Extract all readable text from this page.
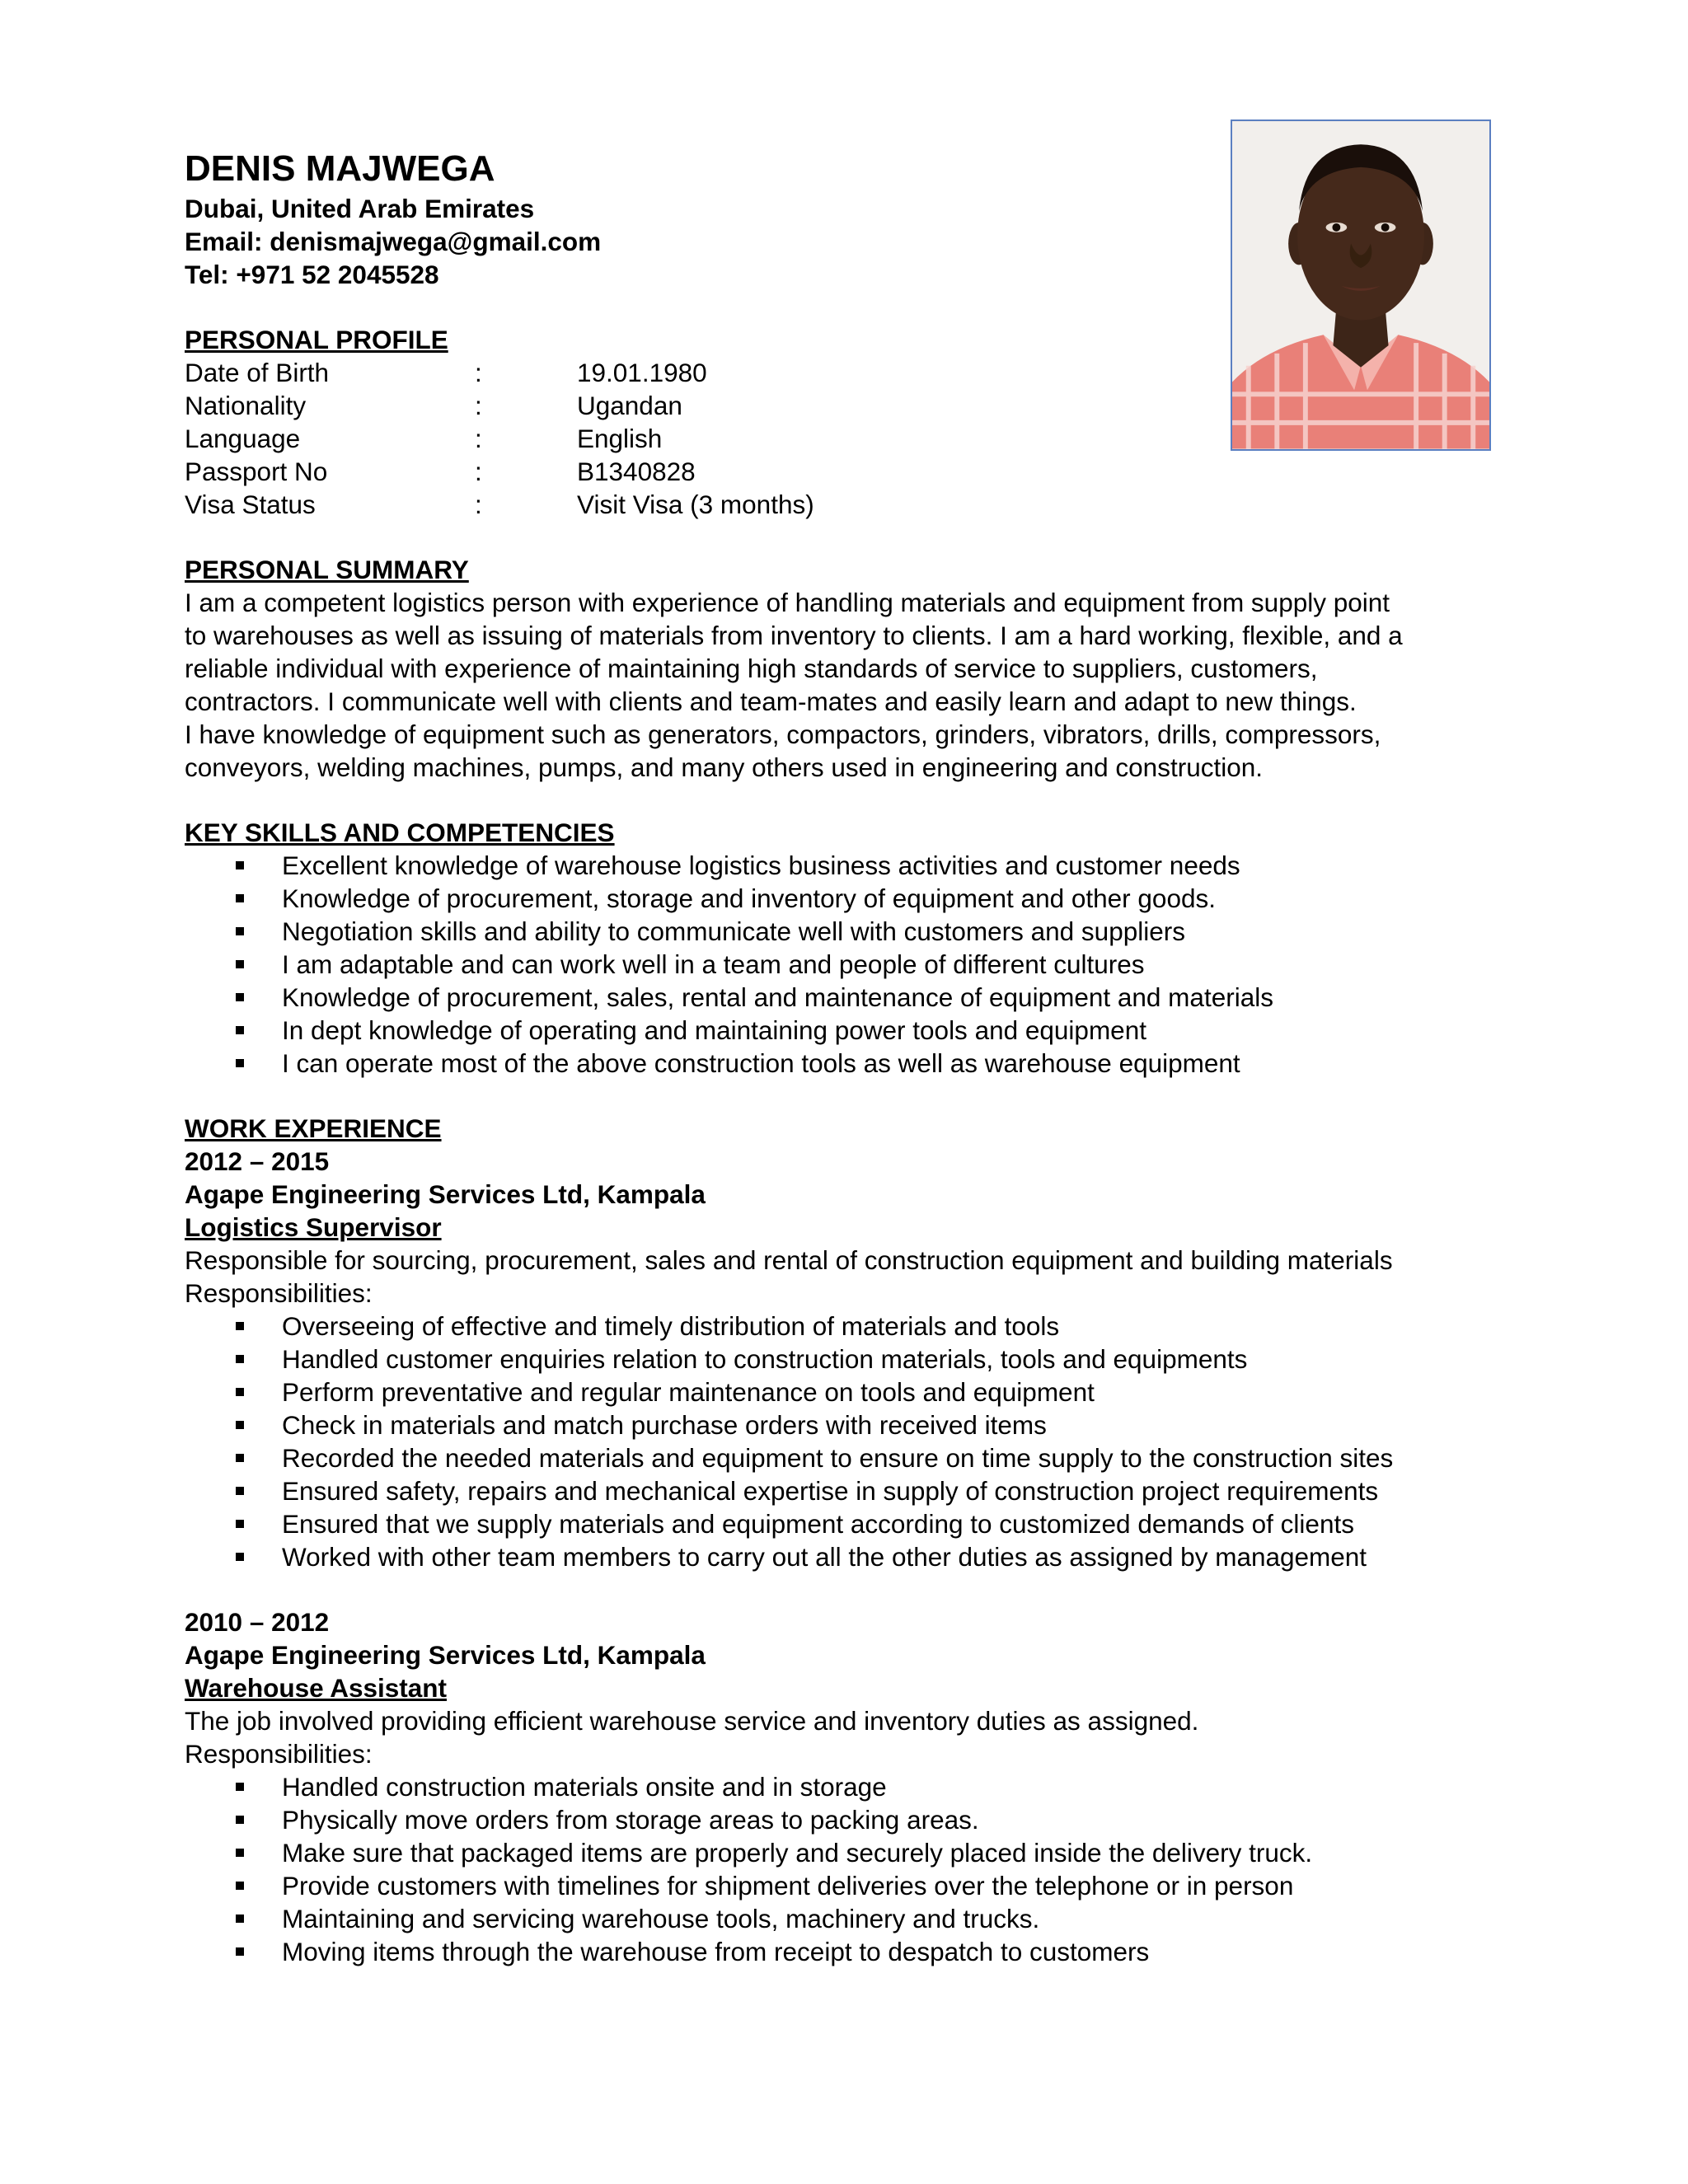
DENIS MAJWEGA
Dubai, United Arab Emirates
Email: denismajwega@gmail.com
Tel: +971 52 2045528
PERSONAL PROFILE
Date of Birth	:	19.01.1980
Nationality	:	Ugandan
Language	:	English
Passport No	:	B1340828
Visa Status	:	Visit Visa (3 months)
PERSONAL SUMMARY
I am a competent logistics person with experience of handling materials and equipment from supply point
to warehouses as well as issuing of materials from inventory to clients. I am a hard working, flexible, and a
reliable individual with experience of maintaining high standards of service to suppliers, customers,
contractors. I communicate well with clients and team-mates and easily learn and adapt to new things.
I have knowledge of equipment such as generators, compactors, grinders, vibrators, drills, compressors,
conveyors, welding machines, pumps, and many others used in engineering and construction.
KEY SKILLS AND COMPETENCIES
Excellent knowledge of warehouse logistics business activities and customer needs
Knowledge of procurement, storage and inventory of equipment and other goods.
Negotiation skills and ability to communicate well with customers and suppliers
I am adaptable and can work well in a team and people of different cultures
Knowledge of procurement, sales, rental and maintenance of equipment and materials
In dept knowledge of operating and maintaining power tools and equipment
I can operate most of the above construction tools as well as warehouse equipment
WORK EXPERIENCE
2012 – 2015
Agape Engineering Services Ltd, Kampala
Logistics Supervisor
Responsible for sourcing, procurement, sales and rental of construction equipment and building materials
Responsibilities:
Overseeing of effective and timely distribution of materials and tools
Handled customer enquiries relation to construction materials, tools and equipments
Perform preventative and regular maintenance on tools and equipment
Check in materials and match purchase orders with received items
Recorded the needed materials and equipment to ensure on time supply to the construction sites
Ensured safety, repairs and mechanical expertise in supply of construction project requirements
Ensured that we supply materials and equipment according to customized demands of clients
Worked with other team members to carry out all the other duties as assigned by management
2010 – 2012
Agape Engineering Services Ltd, Kampala
Warehouse Assistant
The job involved providing efficient warehouse service and inventory duties as assigned.
Responsibilities:
Handled construction materials onsite and in storage
Physically move orders from storage areas to packing areas.
Make sure that packaged items are properly and securely placed inside the delivery truck.
Provide customers with timelines for shipment deliveries over the telephone or in person
Maintaining and servicing warehouse tools, machinery and trucks.
Moving items through the warehouse from receipt to despatch to customers
